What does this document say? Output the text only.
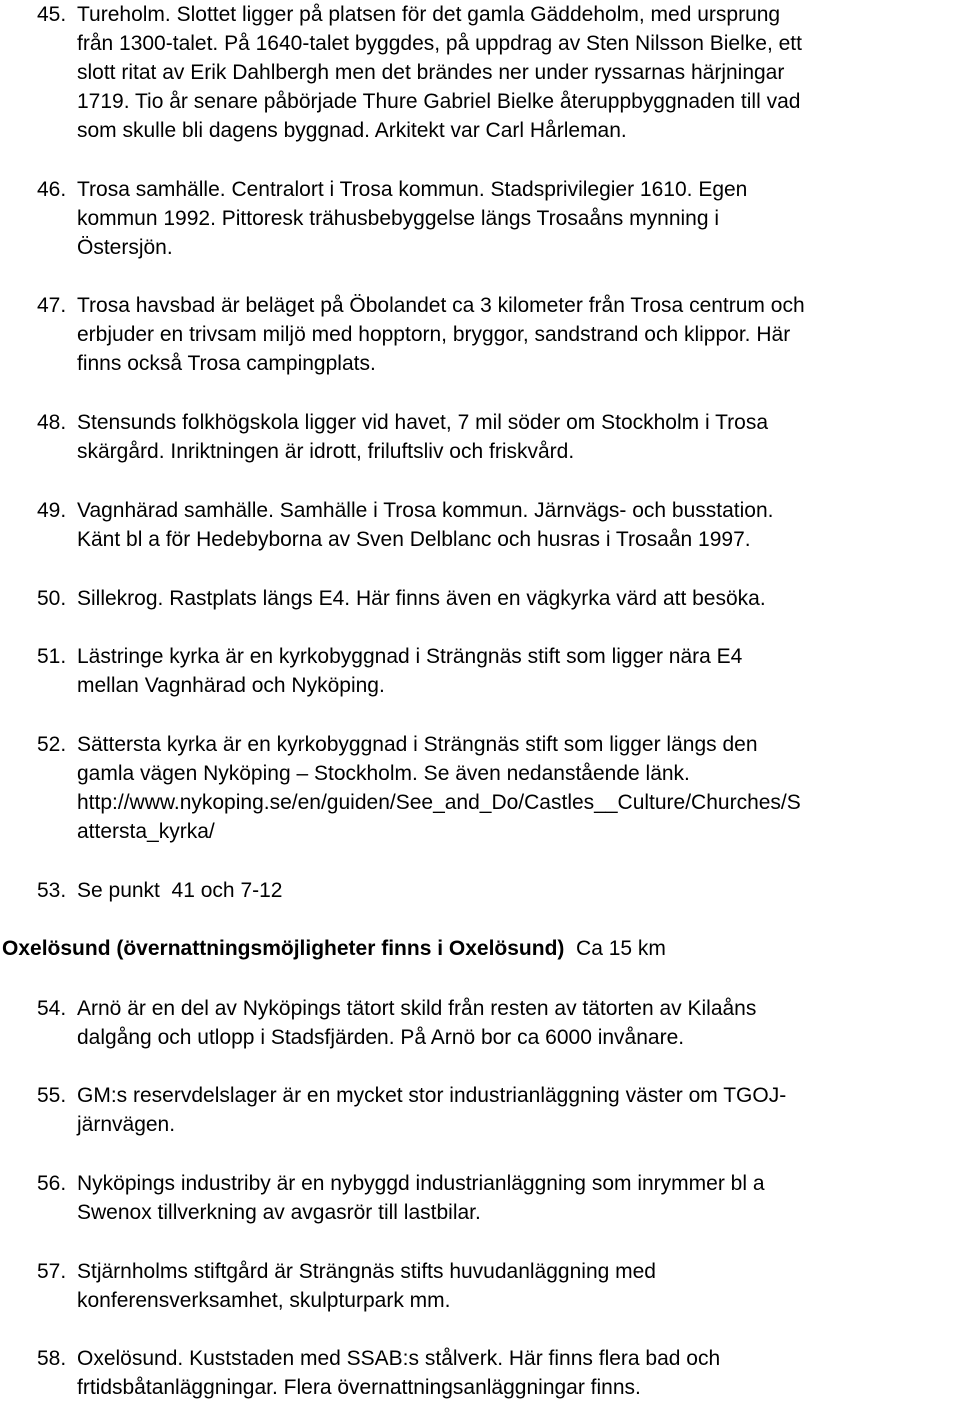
45. Tureholm. Slottet ligger på platsen för det gamla Gäddeholm, med ursprung
från 1300-talet. På 1640-talet byggdes, på uppdrag av Sten Nilsson Bielke, ett
slott ritat av Erik Dahlbergh men det brändes ner under ryssarnas härjningar
1719. Tio år senare påbörjade Thure Gabriel Bielke återuppbyggnaden till vad
som skulle bli dagens byggnad. Arkitekt var Carl Hårleman.
46. Trosa samhälle. Centralort i Trosa kommun. Stadsprivilegier 1610. Egen
kommun 1992. Pittoresk trähusbebyggelse längs Trosaåns mynning i
Östersjön.
47. Trosa havsbad är beläget på Öbolandet ca 3 kilometer från Trosa centrum och
erbjuder en trivsam miljö med hopptorn, bryggor, sandstrand och klippor. Här
finns också Trosa campingplats.
48. Stensunds folkhögskola ligger vid havet, 7 mil söder om Stockholm i Trosa
skärgård. Inriktningen är idrott, friluftsliv och friskvård.
49. Vagnhärad samhälle. Samhälle i Trosa kommun. Järnvägs- och busstation.
Känt bl a för Hedebyborna av Sven Delblanc och husras i Trosaån 1997.
50. Sillekrog. Rastplats längs E4. Här finns även en vägkyrka värd att besöka.
51. Lästringe kyrka är en kyrkobyggnad i Strängnäs stift som ligger nära E4
mellan Vagnhärad och Nyköping.
52. Sättersta kyrka är en kyrkobyggnad i Strängnäs stift som ligger längs den
gamla vägen Nyköping – Stockholm. Se även nedanstående länk.
http://www.nykoping.se/en/guiden/See_and_Do/Castles__Culture/Churches/S
attersta_kyrka/
53. Se punkt  41 och 7-12
Oxelösund (övernattningsmöjligheter finns i Oxelösund)  Ca 15 km
54. Arnö är en del av Nyköpings tätort skild från resten av tätorten av Kilaåns
dalgång och utlopp i Stadsfjärden. På Arnö bor ca 6000 invånare.
55. GM:s reservdelslager är en mycket stor industrianläggning väster om TGOJ-
järnvägen.
56. Nyköpings industriby är en nybyggd industrianläggning som inrymmer bl a
Swenox tillverkning av avgasrör till lastbilar.
57. Stjärnholms stiftgård är Strängnäs stifts huvudanläggning med
konferensverksamhet, skulpturpark mm.
58. Oxelösund. Kuststaden med SSAB:s stålverk. Här finns flera bad och
frtidsbåtanläggningar. Flera övernattningsanläggningar finns.
